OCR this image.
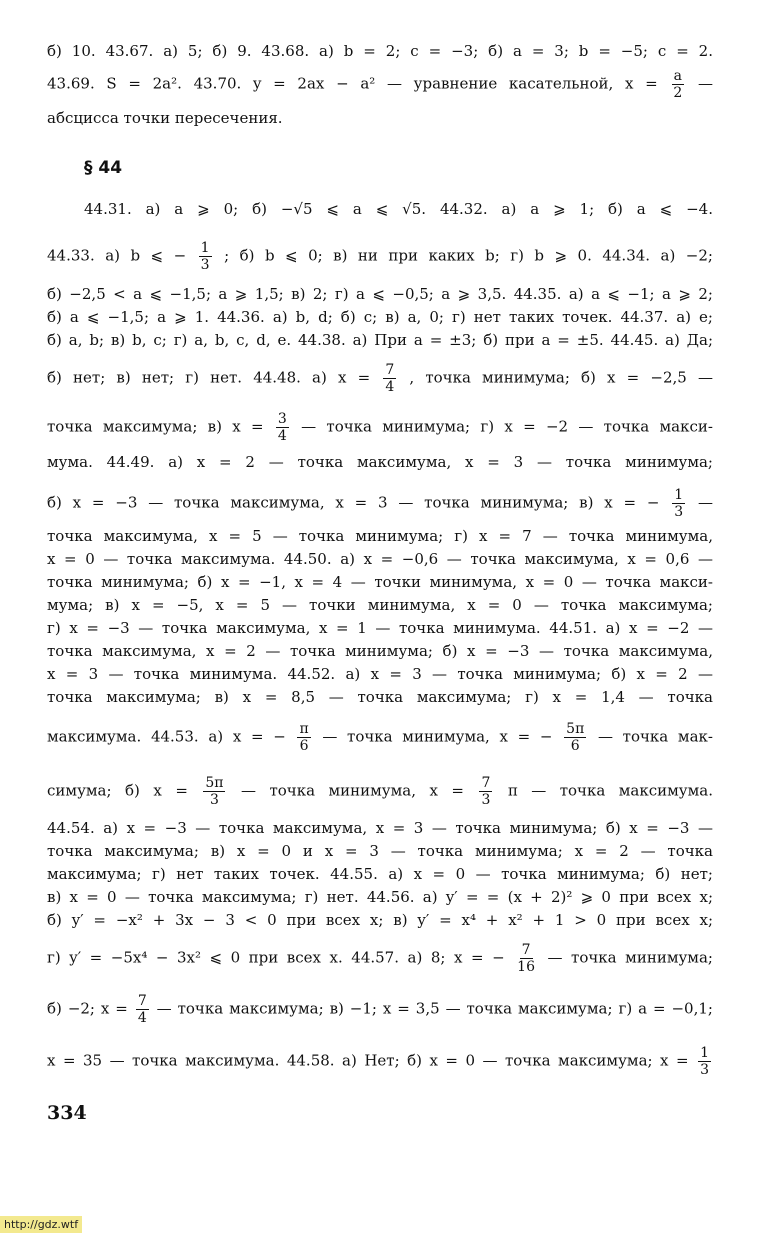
б) 10. 43.67. а) 5; б) 9. 43.68. а) b = 2; c = −3; б) a = 3; b = −5; c = 2.
43.69. S = 2a². 43.70. y = 2ax − a² — уравнение касательной, $x = \frac{a}{2}$ —
абсцисса точки пересечения.
§ 44
44.31. а) a ⩾ 0; б) −√5 ⩽ a ⩽ √5. 44.32. а) a ⩾ 1; б) a ⩽ −4.
44.33. а) b ⩽ − $\frac{1}{3}$ ; б) b ⩽ 0; в) ни при каких b; г) b ⩾ 0. 44.34. а) −2;
б) −2,5 < a ⩽ −1,5; a ⩾ 1,5; в) 2; г) a ⩽ −0,5; a ⩾ 3,5. 44.35. а) a ⩽ −1; a ⩾ 2;
б) a ⩽ −1,5; a ⩾ 1. 44.36. а) b, d; б) c; в) a, 0; г) нет таких точек. 44.37. а) e;
б) a, b; в) b, c; г) a, b, c, d, e. 44.38. а) При a = ±3; б) при a = ±5. 44.45. а) Да;
б) нет; в) нет; г) нет. 44.48. а) $x = \frac{7}{4}$ , точка минимума; б) x = −2,5 —
точка максимума; в) $x = \frac{3}{4}$ — точка минимума; г) x = −2 — точка макси-
мума. 44.49. а) x = 2 — точка максимума, x = 3 — точка минимума;
б) x = −3 — точка максимума, x = 3 — точка минимума; в) x = − $\frac{1}{3}$ —
точка максимума, x = 5 — точка минимума; г) x = 7 — точка минимума,
x = 0 — точка максимума. 44.50. а) x = −0,6 — точка максимума, x = 0,6 —
точка минимума; б) x = −1, x = 4 — точки минимума, x = 0 — точка макси-
мума; в) x = −5, x = 5 — точки минимума, x = 0 — точка максимума;
г) x = −3 — точка максимума, x = 1 — точка минимума. 44.51. а) x = −2 —
точка максимума, x = 2 — точка минимума; б) x = −3 — точка максимума,
x = 3 — точка минимума. 44.52. а) x = 3 — точка минимума; б) x = 2 —
точка максимума; в) x = 8,5 — точка максимума; г) x = 1,4 — точка
максимума. 44.53. а) x = − $\frac{\pi}{6}$ — точка минимума, x = − $\frac{5\pi}{6}$ — точка мак-
симума; б) $x = \frac{5\pi}{3}$ — точка минимума, $x = \frac{7}{3}$ π — точка максимума.
44.54. а) x = −3 — точка максимума, x = 3 — точка минимума; б) x = −3 —
точка максимума; в) x = 0 и x = 3 — точка минимума; x = 2 — точка
максимума; г) нет таких точек. 44.55. а) x = 0 — точка минимума; б) нет;
в) x = 0 — точка максимума; г) нет. 44.56. а) y′ = = (x + 2)² ⩾ 0 при всех x;
б) y′ = −x² + 3x − 3 < 0 при всех x; в) y′ = x⁴ + x² + 1 > 0 при всех x;
г) y′ = −5x⁴ − 3x² ⩽ 0 при всех x. 44.57. а) 8; x = − $\frac{7}{16}$ — точка минимума;
б) −2; $x = \frac{7}{4}$ — точка максимума; в) −1; x = 3,5 — точка максимума; г) a = −0,1;
x = 35 — точка максимума. 44.58. а) Нет; б) x = 0 — точка максимума; $x = \frac{1}{3}$
334
http://gdz.wtf
